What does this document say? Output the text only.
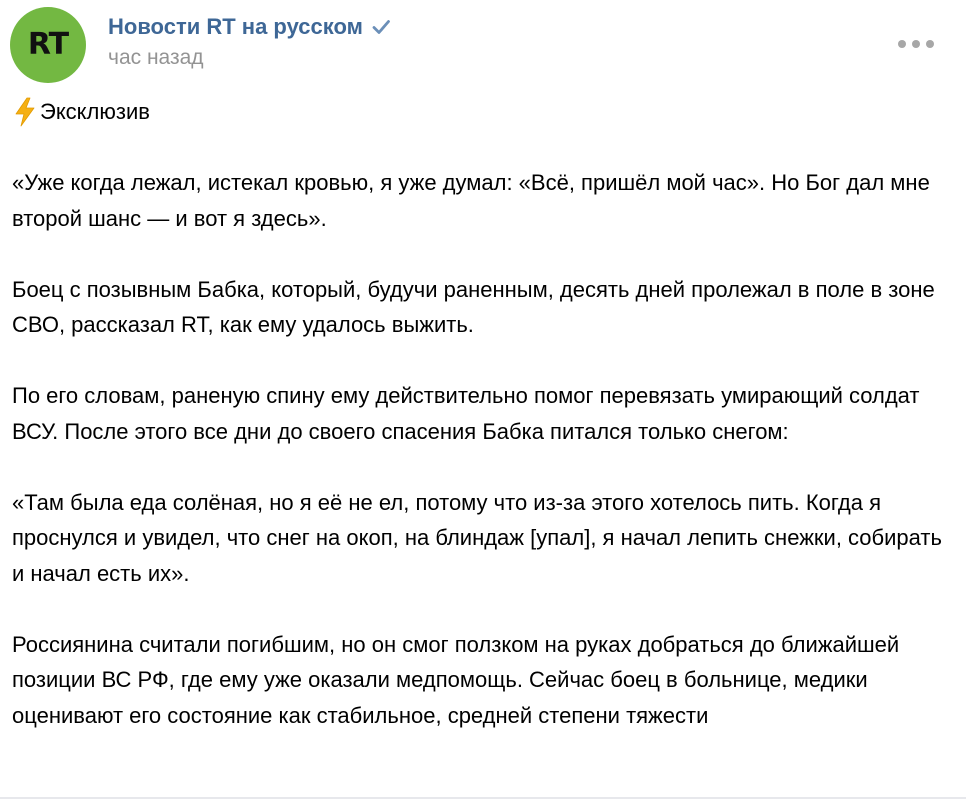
RT
Новости RT на русском
час назад

Эксклюзив

«Уже когда лежал, истекал кровью, я уже думал: «Всё, пришёл мой час». Но Бог дал мне второй шанс — и вот я здесь».

Боец с позывным Бабка, который, будучи раненным, десять дней пролежал в поле в зоне СВО, рассказал RT, как ему удалось выжить.

По его словам, раненую спину ему действительно помог перевязать умирающий солдат ВСУ. После этого все дни до своего спасения Бабка питался только снегом:

«Там была еда солёная, но я её не ел, потому что из-за этого хотелось пить. Когда я проснулся и увидел, что снег на окоп, на блиндаж [упал], я начал лепить снежки, собирать и начал есть их».

Россиянина считали погибшим, но он смог ползком на руках добраться до ближайшей позиции ВС РФ, где ему уже оказали медпомощь. Сейчас боец в больнице, медики оценивают его состояние как стабильное, средней степени тяжести
